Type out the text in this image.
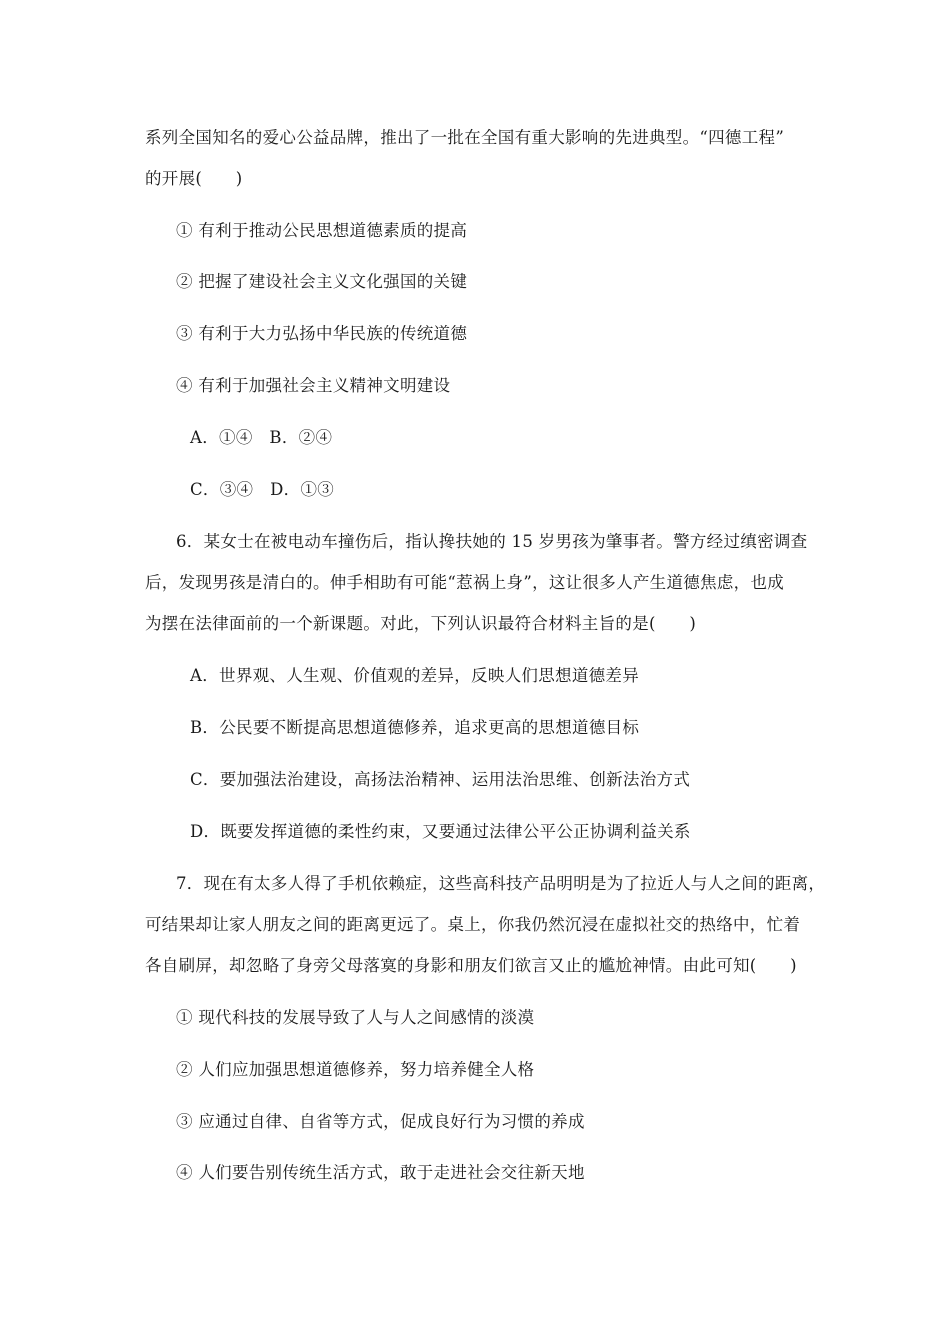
系列全国知名的爱心公益品牌，推出了一批在全国有重大影响的先进典型。“四德工程”
的开展(　　)
① 有利于推动公民思想道德素质的提高
② 把握了建设社会主义文化强国的关键
③ 有利于大力弘扬中华民族的传统道德
④ 有利于加强社会主义精神文明建设
A．①④　B．②④
C．③④　D．①③
6．某女士在被电动车撞伤后，指认搀扶她的 15 岁男孩为肇事者。警方经过缜密调查
后，发现男孩是清白的。伸手相助有可能“惹祸上身”，这让很多人产生道德焦虑，也成
为摆在法律面前的一个新课题。对此，下列认识最符合材料主旨的是(　　)
A．世界观、人生观、价值观的差异，反映人们思想道德差异
B．公民要不断提高思想道德修养，追求更高的思想道德目标
C．要加强法治建设，高扬法治精神、运用法治思维、创新法治方式
D．既要发挥道德的柔性约束，又要通过法律公平公正协调利益关系
7．现在有太多人得了手机依赖症，这些高科技产品明明是为了拉近人与人之间的距离，
可结果却让家人朋友之间的距离更远了。桌上，你我仍然沉浸在虚拟社交的热络中，忙着
各自刷屏，却忽略了身旁父母落寞的身影和朋友们欲言又止的尴尬神情。由此可知(　　)
① 现代科技的发展导致了人与人之间感情的淡漠
② 人们应加强思想道德修养，努力培养健全人格
③ 应通过自律、自省等方式，促成良好行为习惯的养成
④ 人们要告别传统生活方式，敢于走进社会交往新天地
